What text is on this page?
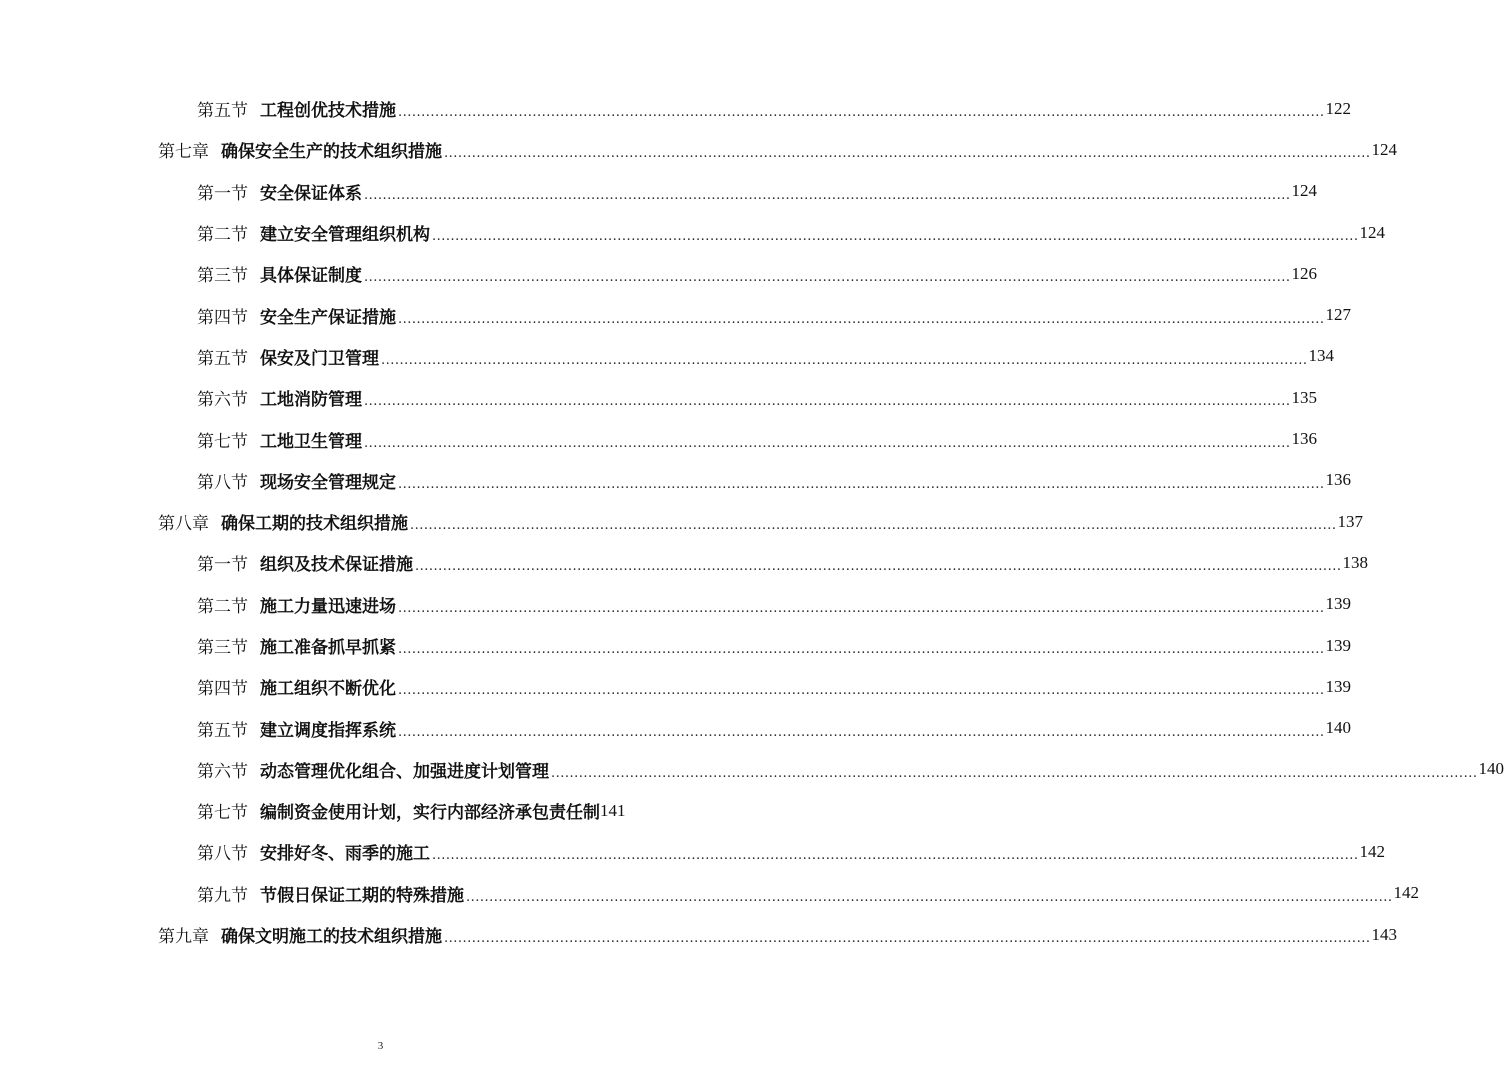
第五节 工程创优技术措施 ........................................................................................................................................................................................................ 122
第七章 确保安全生产的技术组织措施 ........................................................................................................................................................................................................ 124
第一节 安全保证体系 ........................................................................................................................................................................................................ 124
第二节 建立安全管理组织机构 ........................................................................................................................................................................................................ 124
第三节 具体保证制度 ........................................................................................................................................................................................................ 126
第四节 安全生产保证措施 ........................................................................................................................................................................................................ 127
第五节 保安及门卫管理 ........................................................................................................................................................................................................ 134
第六节 工地消防管理 ........................................................................................................................................................................................................ 135
第七节 工地卫生管理 ........................................................................................................................................................................................................ 136
第八节 现场安全管理规定 ........................................................................................................................................................................................................ 136
第八章 确保工期的技术组织措施 ........................................................................................................................................................................................................ 137
第一节 组织及技术保证措施 ........................................................................................................................................................................................................ 138
第二节 施工力量迅速进场 ........................................................................................................................................................................................................ 139
第三节 施工准备抓早抓紧 ........................................................................................................................................................................................................ 139
第四节 施工组织不断优化 ........................................................................................................................................................................................................ 139
第五节 建立调度指挥系统 ........................................................................................................................................................................................................ 140
第六节 动态管理优化组合、加强进度计划管理 ........................................................................................................................................................................................................ 140
第七节 编制资金使用计划，实行内部经济承包责任制 141
第八节 安排好冬、雨季的施工 ........................................................................................................................................................................................................ 142
第九节 节假日保证工期的特殊措施 ........................................................................................................................................................................................................ 142
第九章 确保文明施工的技术组织措施 ........................................................................................................................................................................................................ 143
3
